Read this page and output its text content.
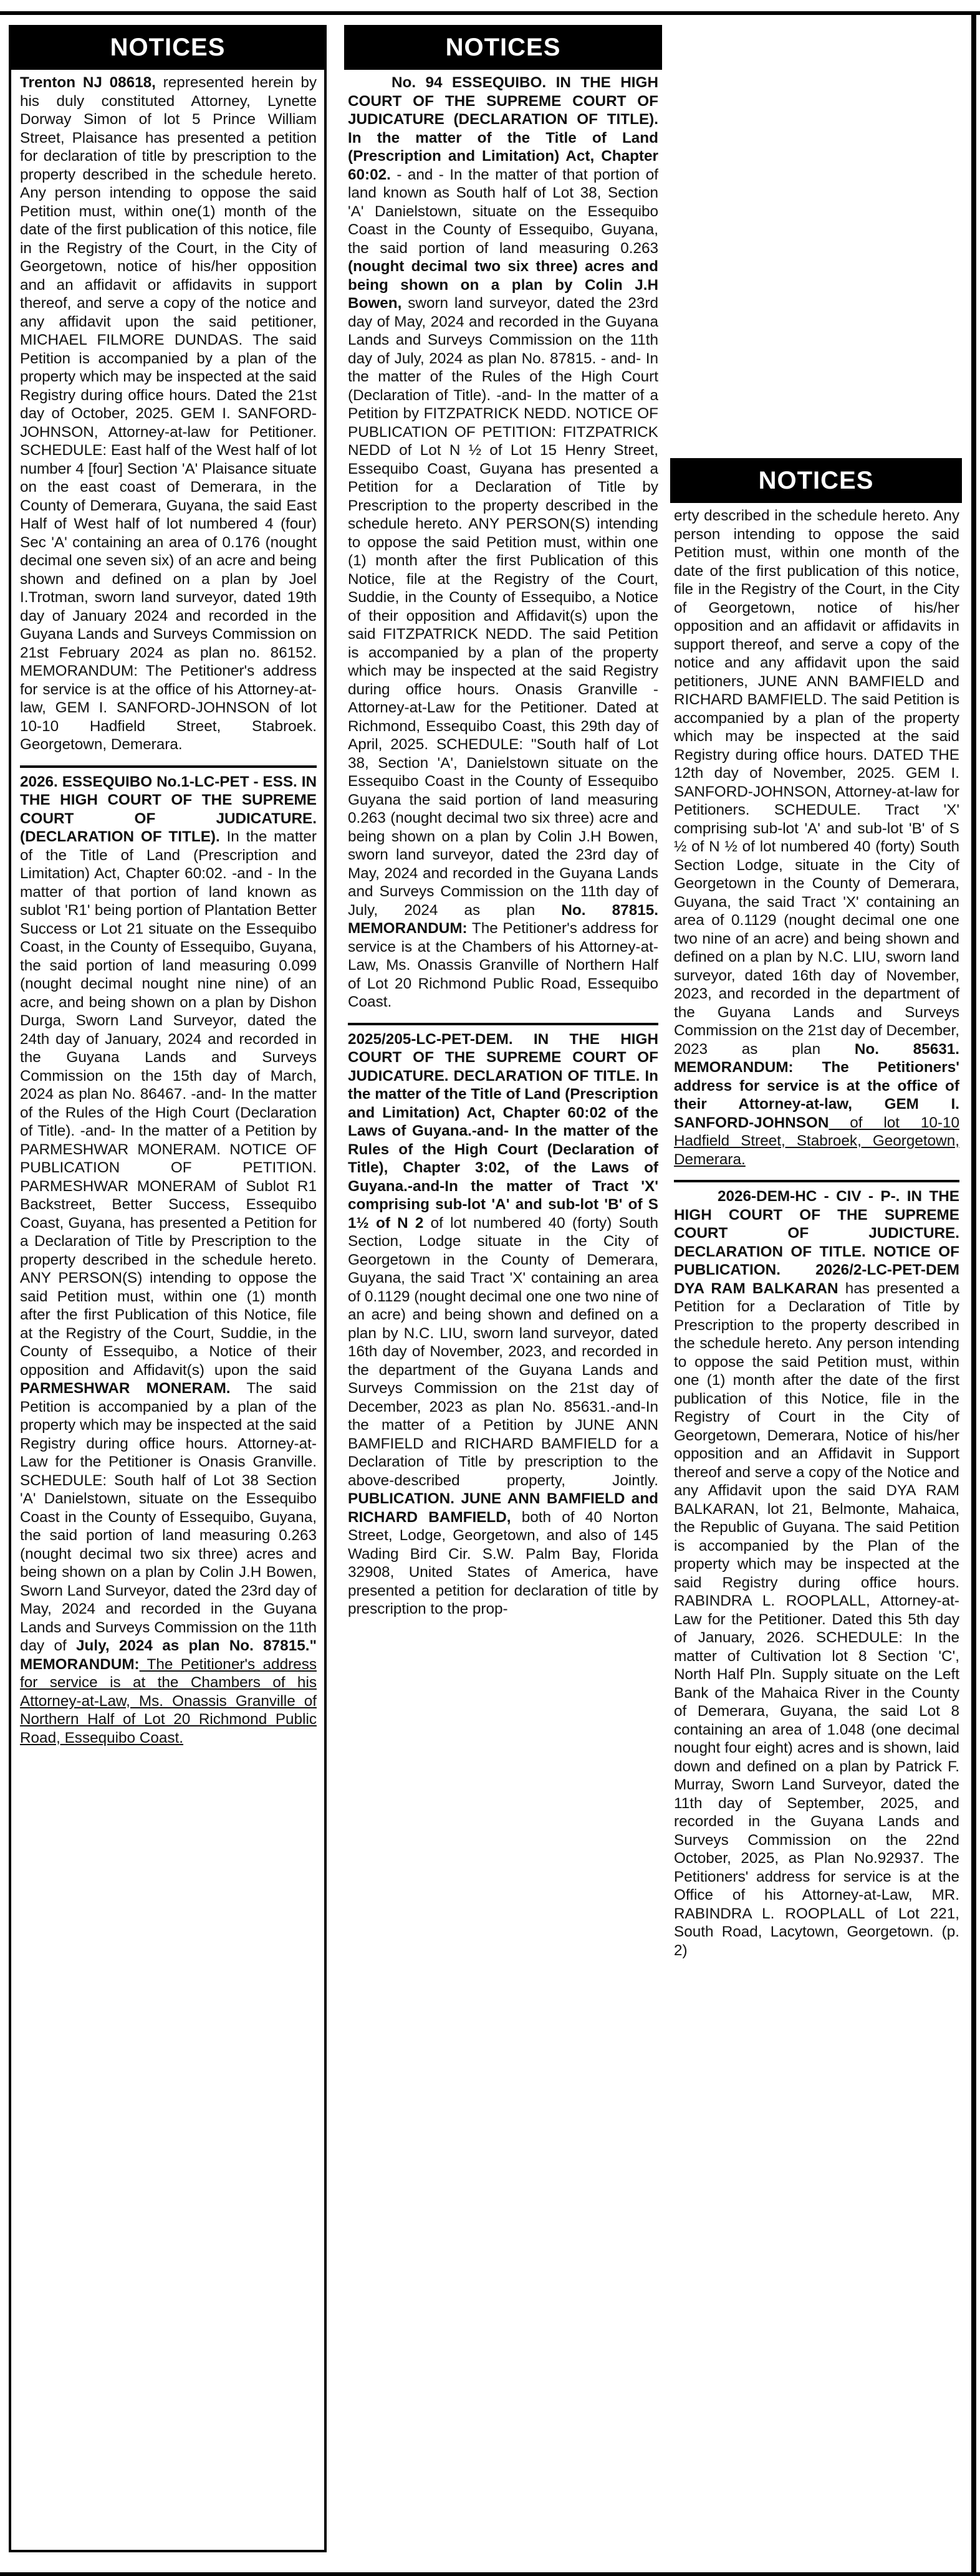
NOTICES

Trenton NJ 08618, represented herein by his duly constituted Attorney, Lynette Dorway Simon of lot 5 Prince William Street, Plaisance has presented a petition for declaration of title by prescription to the property described in the schedule hereto. Any person intending to oppose the said Petition must, within one(1) month of the date of the first publication of this notice, file in the Registry of the Court, in the City of Georgetown, notice of his/her opposition and an affidavit or affidavits in support thereof, and serve a copy of the notice and any affidavit upon the said petitioner, MICHAEL FILMORE DUNDAS. The said Petition is accompanied by a plan of the property which may be inspected at the said Registry during office hours. Dated the 21st day of October, 2025. GEM I. SANFORD-JOHNSON, Attorney-at-law for Petitioner. SCHEDULE: East half of the West half of lot number 4 [four] Section 'A' Plaisance situate on the east coast of Demerara, in the County of Demerara, Guyana, the said East Half of West half of lot numbered 4 (four) Sec 'A' containing an area of 0.176 (nought decimal one seven six) of an acre and being shown and defined on a plan by Joel I.Trotman, sworn land surveyor, dated 19th day of January 2024 and recorded in the Guyana Lands and Surveys Commission on 21st February 2024 as plan no. 86152. MEMORANDUM: The Petitioner's address for service is at the office of his Attorney-at-law, GEM I. SANFORD-JOHNSON of lot 10-10 Hadfield Street, Stabroek. Georgetown, Demerara.

2026. ESSEQUIBO No.1-LC-PET - ESS. IN THE HIGH COURT OF THE SUPREME COURT OF JUDICATURE. (DECLARATION OF TITLE). In the matter of the Title of Land (Prescription and Limitation) Act, Chapter 60:02. -and - In the matter of that portion of land known as sublot 'R1' being portion of Plantation Better Success or Lot 21 situate on the Essequibo Coast, in the County of Essequibo, Guyana, the said portion of land measuring 0.099 (nought decimal nought nine nine) of an acre, and being shown on a plan by Dishon Durga, Sworn Land Surveyor, dated the 24th day of January, 2024 and recorded in the Guyana Lands and Surveys Commission on the 15th day of March, 2024 as plan No. 86467. -and- In the matter of the Rules of the High Court (Declaration of Title). -and- In the matter of a Petition by PARMESHWAR MONERAM. NOTICE OF PUBLICATION OF PETITION. PARMESHWAR MONERAM of Sublot R1 Backstreet, Better Success, Essequibo Coast, Guyana, has presented a Petition for a Declaration of Title by Prescription to the property described in the schedule hereto. ANY PERSON(S) intending to oppose the said Petition must, within one (1) month after the first Publication of this Notice, file at the Registry of the Court, Suddie, in the County of Essequibo, a Notice of their opposition and Affidavit(s) upon the said PARMESHWAR MONERAM. The said Petition is accompanied by a plan of the property which may be inspected at the said Registry during office hours. Attorney-at-Law for the Petitioner is Onasis Granville. SCHEDULE: South half of Lot 38 Section 'A' Danielstown, situate on the Essequibo Coast in the County of Essequibo, Guyana, the said portion of land measuring 0.263 (nought decimal two six three) acres and being shown on a plan by Colin J.H Bowen, Sworn Land Surveyor, dated the 23rd day of May, 2024 and recorded in the Guyana Lands and Surveys Commission on the 11th day of July, 2024 as plan No. 87815." MEMORANDUM: The Petitioner's address for service is at the Chambers of his Attorney-at-Law, Ms. Onassis Granville of Northern Half of Lot 20 Richmond Public Road, Essequibo Coast.

NOTICES

No. 94 ESSEQUIBO. IN THE HIGH COURT OF THE SUPREME COURT OF JUDICATURE (DECLARATION OF TITLE). In the matter of the Title of Land (Prescription and Limitation) Act, Chapter 60:02. - and - In the matter of that portion of land known as South half of Lot 38, Section 'A' Danielstown, situate on the Essequibo Coast in the County of Essequibo, Guyana, the said portion of land measuring 0.263 (nought decimal two six three) acres and being shown on a plan by Colin J.H Bowen, sworn land surveyor, dated the 23rd day of May, 2024 and recorded in the Guyana Lands and Surveys Commission on the 11th day of July, 2024 as plan No. 87815. - and- In the matter of the Rules of the High Court (Declaration of Title). -and- In the matter of a Petition by FITZPATRICK NEDD. NOTICE OF PUBLICATION OF PETITION: FITZPATRICK NEDD of Lot N ½ of Lot 15 Henry Street, Essequibo Coast, Guyana has presented a Petition for a Declaration of Title by Prescription to the property described in the schedule hereto. ANY PERSON(S) intending to oppose the said Petition must, within one (1) month after the first Publication of this Notice, file at the Registry of the Court, Suddie, in the County of Essequibo, a Notice of their opposition and Affidavit(s) upon the said FITZPATRICK NEDD. The said Petition is accompanied by a plan of the property which may be inspected at the said Registry during office hours. Onasis Granville - Attorney-at-Law for the Petitioner. Dated at Richmond, Essequibo Coast, this 29th day of April, 2025. SCHEDULE: "South half of Lot 38, Section 'A', Danielstown situate on the Essequibo Coast in the County of Essequibo Guyana the said portion of land measuring 0.263 (nought decimal two six three) acre and being shown on a plan by Colin J.H Bowen, sworn land surveyor, dated the 23rd day of May, 2024 and recorded in the Guyana Lands and Surveys Commission on the 11th day of July, 2024 as plan No. 87815. MEMORANDUM: The Petitioner's address for service is at the Chambers of his Attorney-at-Law, Ms. Onassis Granville of Northern Half of Lot 20 Richmond Public Road, Essequibo Coast.

2025/205-LC-PET-DEM. IN THE HIGH COURT OF THE SUPREME COURT OF JUDICATURE. DECLARATION OF TITLE. In the matter of the Title of Land (Prescription and Limitation) Act, Chapter 60:02 of the Laws of Guyana.-and- In the matter of the Rules of the High Court (Declaration of Title), Chapter 3:02, of the Laws of Guyana.-and-In the matter of Tract 'X' comprising sub-lot 'A' and sub-lot 'B' of S 1½ of N 2 of lot numbered 40 (forty) South Section, Lodge situate in the City of Georgetown in the County of Demerara, Guyana, the said Tract 'X' containing an area of 0.1129 (nought decimal one one two nine of an acre) and being shown and defined on a plan by N.C. LIU, sworn land surveyor, dated 16th day of November, 2023, and recorded in the department of the Guyana Lands and Surveys Commission on the 21st day of December, 2023 as plan No. 85631.-and-In the matter of a Petition by JUNE ANN BAMFIELD and RICHARD BAMFIELD for a Declaration of Title by prescription to the above-described property, Jointly. PUBLICATION. JUNE ANN BAMFIELD and RICHARD BAMFIELD, both of 40 Norton Street, Lodge, Georgetown, and also of 145 Wading Bird Cir. S.W. Palm Bay, Florida 32908, United States of America, have presented a petition for declaration of title by prescription to the prop-

NOTICES

erty described in the schedule hereto. Any person intending to oppose the said Petition must, within one month of the date of the first publication of this notice, file in the Registry of the Court, in the City of Georgetown, notice of his/her opposition and an affidavit or affidavits in support thereof, and serve a copy of the notice and any affidavit upon the said petitioners, JUNE ANN BAMFIELD and RICHARD BAMFIELD. The said Petition is accompanied by a plan of the property which may be inspected at the said Registry during office hours. DATED THE 12th day of November, 2025. GEM I. SANFORD-JOHNSON, Attorney-at-law for Petitioners. SCHEDULE. Tract 'X' comprising sub-lot 'A' and sub-lot 'B' of S ½ of N ½ of lot numbered 40 (forty) South Section Lodge, situate in the City of Georgetown in the County of Demerara, Guyana, the said Tract 'X' containing an area of 0.1129 (nought decimal one one two nine of an acre) and being shown and defined on a plan by N.C. LIU, sworn land surveyor, dated 16th day of November, 2023, and recorded in the department of the Guyana Lands and Surveys Commission on the 21st day of December, 2023 as plan No. 85631. MEMORANDUM: The Petitioners' address for service is at the office of their Attorney-at-law, GEM I. SANFORD-JOHNSON of lot 10-10 Hadfield Street, Stabroek, Georgetown, Demerara.

2026-DEM-HC - CIV - P-. IN THE HIGH COURT OF THE SUPREME COURT OF JUDICTURE. DECLARATION OF TITLE. NOTICE OF PUBLICATION. 2026/2-LC-PET-DEM DYA RAM BALKARAN has presented a Petition for a Declaration of Title by Prescription to the property described in the schedule hereto. Any person intending to oppose the said Petition must, within one (1) month after the date of the first publication of this Notice, file in the Registry of Court in the City of Georgetown, Demerara, Notice of his/her opposition and an Affidavit in Support thereof and serve a copy of the Notice and any Affidavit upon the said DYA RAM BALKARAN, lot 21, Belmonte, Mahaica, the Republic of Guyana. The said Petition is accompanied by the Plan of the property which may be inspected at the said Registry during office hours. RABINDRA L. ROOPLALL, Attorney-at-Law for the Petitioner. Dated this 5th day of January, 2026. SCHEDULE: In the matter of Cultivation lot 8 Section 'C', North Half Pln. Supply situate on the Left Bank of the Mahaica River in the County of Demerara, Guyana, the said Lot 8 containing an area of 1.048 (one decimal nought four eight) acres and is shown, laid down and defined on a plan by Patrick F. Murray, Sworn Land Surveyor, dated the 11th day of September, 2025, and recorded in the Guyana Lands and Surveys Commission on the 22nd October, 2025, as Plan No.92937. The Petitioners' address for service is at the Office of his Attorney-at-Law, MR. RABINDRA L. ROOPLALL of Lot 221, South Road, Lacytown, Georgetown. (p. 2)
